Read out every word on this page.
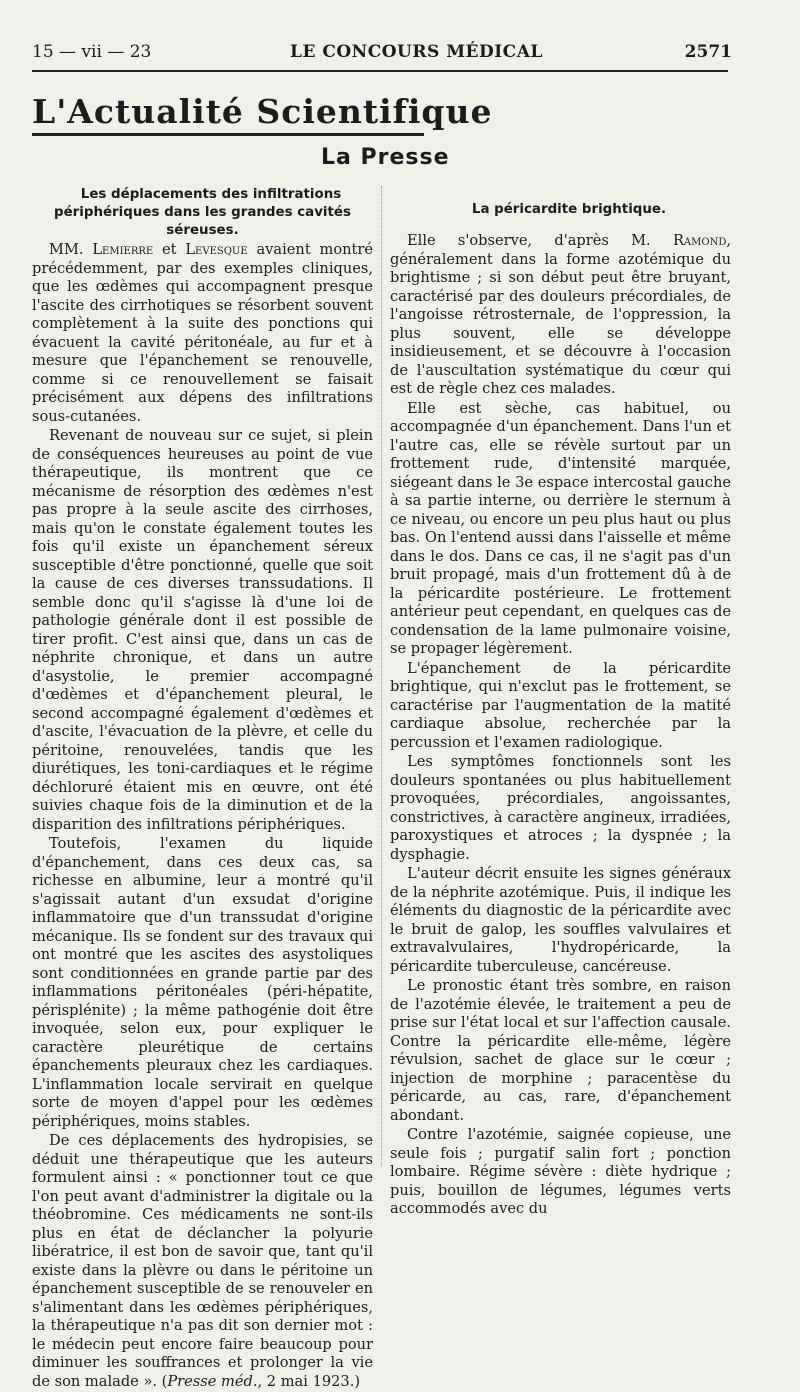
15 — vii — 23	LE CONCOURS MÉDICAL	2571
L'Actualité Scientifique
La Presse

Les déplacements des infiltrations périphériques dans les grandes cavités séreuses.

MM. Lemierre et Levesque avaient montré précédemment, par des exemples cliniques, que les œdèmes qui accompagnent presque l'ascite des cirrhotiques se résorbent souvent complètement à la suite des ponctions qui évacuent la cavité péritonéale, au fur et à mesure que l'épanchement se renouvelle, comme si ce renouvellement se faisait précisément aux dépens des infiltrations sous-cutanées.

Revenant de nouveau sur ce sujet, si plein de conséquences heureuses au point de vue thérapeutique, ils montrent que ce mécanisme de résorption des œdèmes n'est pas propre à la seule ascite des cirrhoses, mais qu'on le constate également toutes les fois qu'il existe un épanchement séreux susceptible d'être ponctionné, quelle que soit la cause de ces diverses transsudations. Il semble donc qu'il s'agisse là d'une loi de pathologie générale dont il est possible de tirer profit. C'est ainsi que, dans un cas de néphrite chronique, et dans un autre d'asystolie, le premier accompagné d'œdèmes et d'épanchement pleural, le second accompagné également d'œdèmes et d'ascite, l'évacuation de la plèvre, et celle du péritoine, renouvelées, tandis que les diurétiques, les toni-cardiaques et le régime déchloruré étaient mis en œuvre, ont été suivies chaque fois de la diminution et de la disparition des infiltrations périphériques.

Toutefois, l'examen du liquide d'épanchement, dans ces deux cas, sa richesse en albumine, leur a montré qu'il s'agissait autant d'un exsudat d'origine inflammatoire que d'un transsudat d'origine mécanique. Ils se fondent sur des travaux qui ont montré que les ascites des asystoliques sont conditionnées en grande partie par des inflammations péritonéales (péri-hépatite, périsplénite) ; la même pathogénie doit être invoquée, selon eux, pour expliquer le caractère pleurétique de certains épanchements pleuraux chez les cardiaques. L'inflammation locale servirait en quelque sorte de moyen d'appel pour les œdèmes périphériques, moins stables.

De ces déplacements des hydropisies, se déduit une thérapeutique que les auteurs formulent ainsi : « ponctionner tout ce que l'on peut avant d'administrer la digitale ou la théobromine. Ces médicaments ne sont-ils plus en état de déclancher la polyurie libératrice, il est bon de savoir que, tant qu'il existe dans la plèvre ou dans le péritoine un épanchement susceptible de se renouveler en s'alimentant dans les œdèmes périphériques, la thérapeutique n'a pas dit son dernier mot : le médecin peut encore faire beaucoup pour diminuer les souffrances et prolonger la vie de son malade ». (Presse méd., 2 mai 1923.)

La péricardite brightique.

Elle s'observe, d'après M. Ramond, généralement dans la forme azotémique du brightisme ; si son début peut être bruyant, caractérisé par des douleurs précordiales, de l'angoisse rétrosternale, de l'oppression, la plus souvent, elle se développe insidieusement, et se découvre à l'occasion de l'auscultation systématique du cœur qui est de règle chez ces malades.

Elle est sèche, cas habituel, ou accompagnée d'un épanchement. Dans l'un et l'autre cas, elle se révèle surtout par un frottement rude, d'intensité marquée, siégeant dans le 3e espace intercostal gauche à sa partie interne, ou derrière le sternum à ce niveau, ou encore un peu plus haut ou plus bas. On l'entend aussi dans l'aisselle et même dans le dos. Dans ce cas, il ne s'agit pas d'un bruit propagé, mais d'un frottement dû à de la péricardite postérieure. Le frottement antérieur peut cependant, en quelques cas de condensation de la lame pulmonaire voisine, se propager légèrement.

L'épanchement de la péricardite brightique, qui n'exclut pas le frottement, se caractérise par l'augmentation de la matité cardiaque absolue, recherchée par la percussion et l'examen radiologique.

Les symptômes fonctionnels sont les douleurs spontanées ou plus habituellement provoquées, précordiales, angoissantes, constrictives, à caractère angineux, irradiées, paroxystiques et atroces ; la dyspnée ; la dysphagie.

L'auteur décrit ensuite les signes généraux de la néphrite azotémique. Puis, il indique les éléments du diagnostic de la péricardite avec le bruit de galop, les souffles valvulaires et extravalvulaires, l'hydropéricarde, la péricardite tuberculeuse, cancéreuse.

Le pronostic étant très sombre, en raison de l'azotémie élevée, le traitement a peu de prise sur l'état local et sur l'affection causale. Contre la péricardite elle-même, légère révulsion, sachet de glace sur le cœur ; injection de morphine ; paracentèse du péricarde, au cas, rare, d'épanchement abondant.

Contre l'azotémie, saignée copieuse, une seule fois ; purgatif salin fort ; ponction lombaire. Régime sévère : diète hydrique ; puis, bouillon de légumes, légumes verts accommodés avec du
